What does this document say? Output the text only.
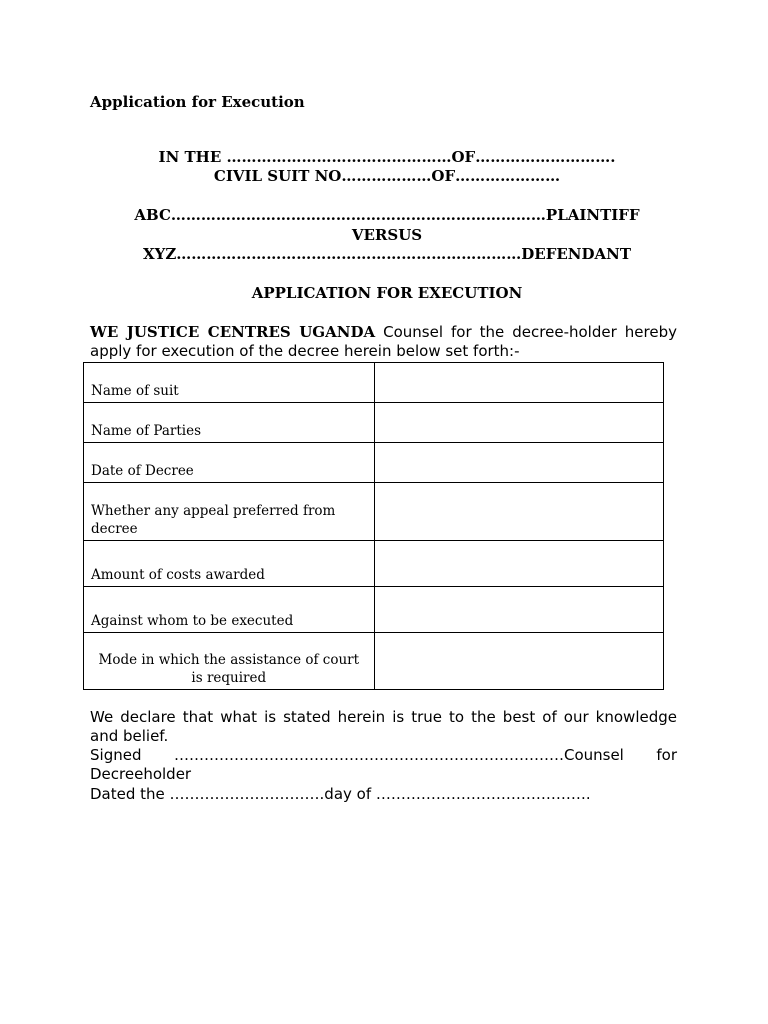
Application for Execution
IN THE ………………………………………OF……………………….
CIVIL SUIT NO………………OF…………………
ABC…………………………………………………………………PLAINTIFF
VERSUS
XYZ……………………………………………………………DEFENDANT
APPLICATION FOR EXECUTION
WE JUSTICE CENTRES UGANDA Counsel for the decree-holder hereby
apply for execution of the decree herein below set forth:-
Name of suit	
Name of Parties	
Date of Decree	
Whether any appeal preferred from decree	
Amount of costs awarded	
Against whom to be executed	
Mode in which the assistance of court is required	
We declare that what is stated herein is true to the best of our knowledge
and belief.
Signed ……………………………………………………………………Counsel for
Decreeholder
Dated the ………………………….day of …………………………………….
